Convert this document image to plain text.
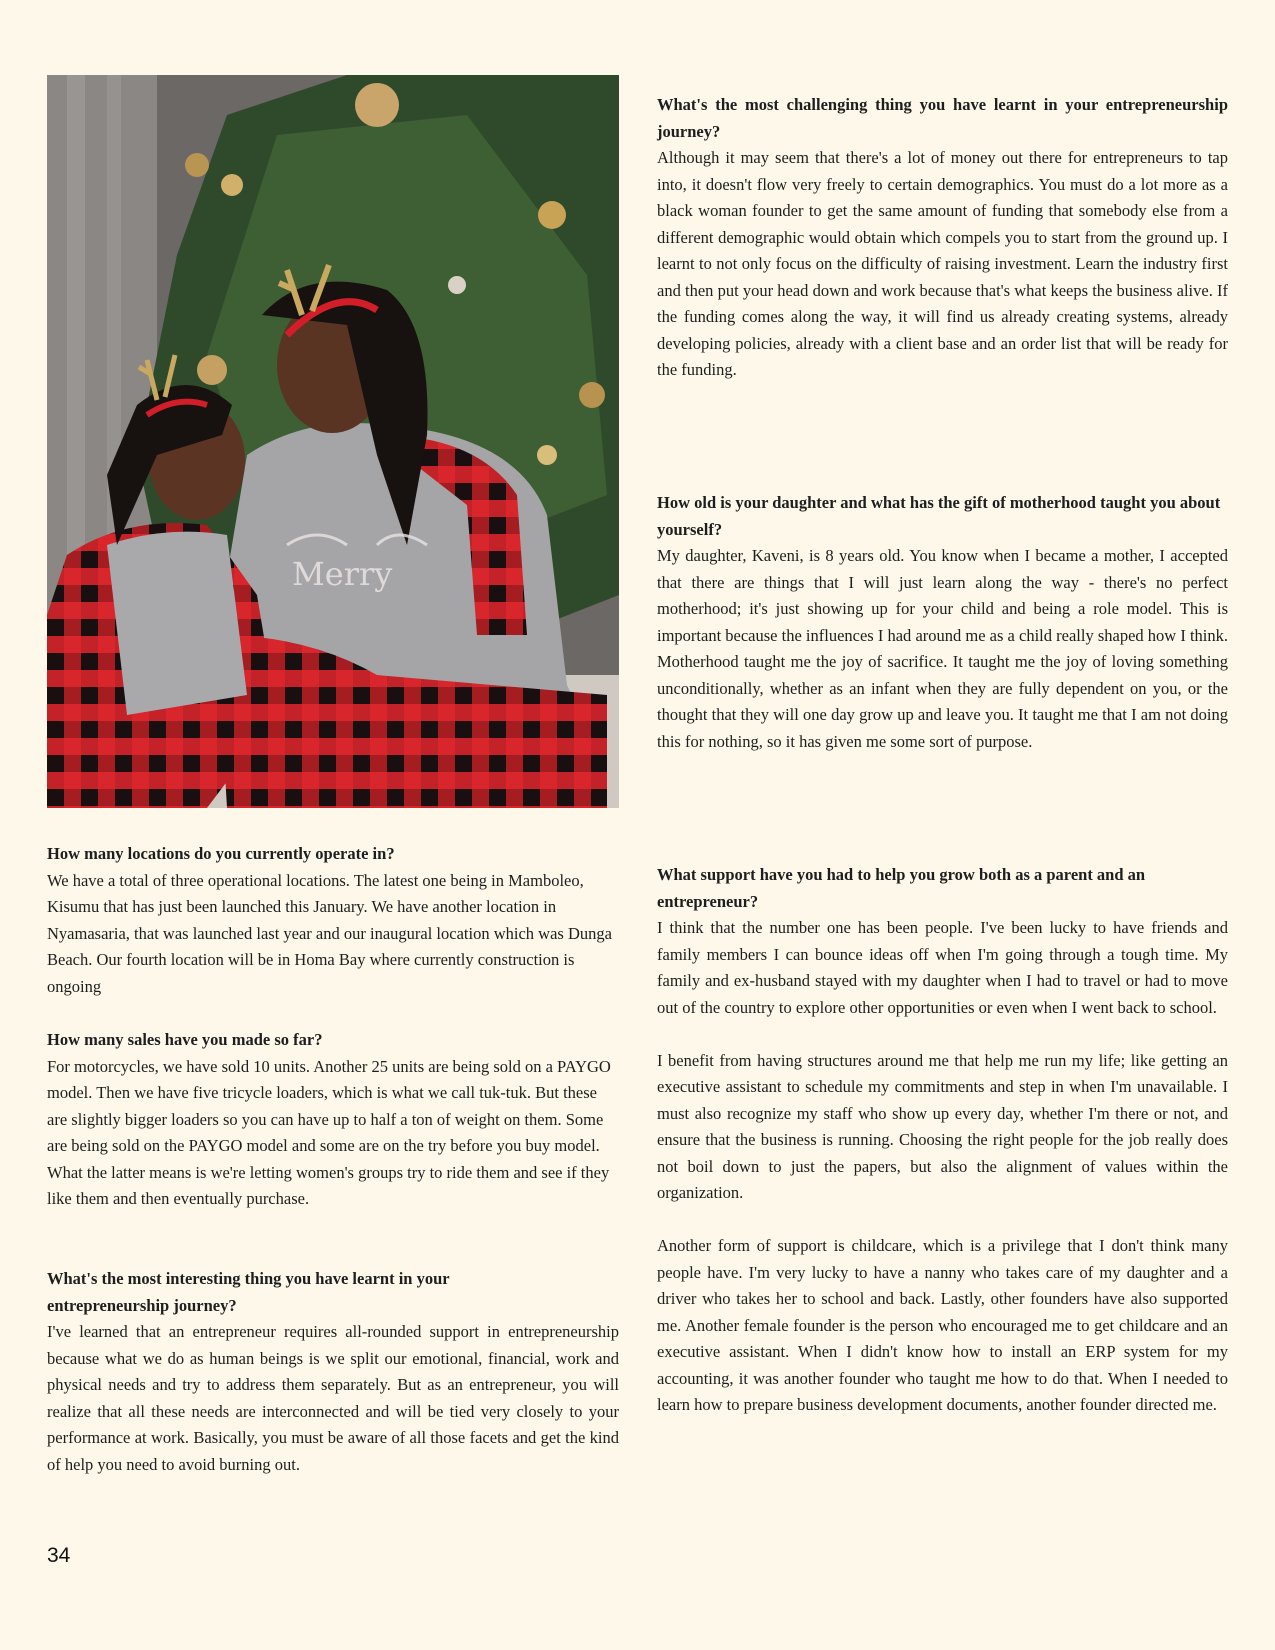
Merry

What's the most challenging thing you have learnt in your entrepreneurship journey?

Although it may seem that there's a lot of money out there for entrepreneurs to tap into, it doesn't flow very freely to certain demographics. You must do a lot more as a black woman founder to get the same amount of funding that somebody else from a different demographic would obtain which compels you to start from the ground up. I learnt to not only focus on the difficulty of raising investment. Learn the industry first and then put your head down and work because that's what keeps the business alive. If the funding comes along the way, it will find us already creating systems, already developing policies, already with a client base and an order list that will be ready for the funding.

How old is your daughter and what has the gift of motherhood taught you about yourself?

My daughter, Kaveni, is 8 years old. You know when I became a mother, I accepted that there are things that I will just learn along the way - there's no perfect motherhood; it's just showing up for your child and being a role model. This is important because the influences I had around me as a child really shaped how I think. Motherhood taught me the joy of sacrifice. It taught me the joy of loving something unconditionally, whether as an infant when they are fully dependent on you, or the thought that they will one day grow up and leave you. It taught me that I am not doing this for nothing, so it has given me some sort of purpose.

What support have you had to help you grow both as a parent and an entrepreneur?

I think that the number one has been people. I've been lucky to have friends and family members I can bounce ideas off when I'm going through a tough time. My family and ex-husband stayed with my daughter when I had to travel or had to move out of the country to explore other opportunities or even when I went back to school.

I benefit from having structures around me that help me run my life; like getting an executive assistant to schedule my commitments and step in when I'm unavailable. I must also recognize my staff who show up every day, whether I'm there or not, and ensure that the business is running. Choosing the right people for the job really does not boil down to just the papers, but also the alignment of values within the organization.

Another form of support is childcare, which is a privilege that I don't think many people have. I'm very lucky to have a nanny who takes care of my daughter and a driver who takes her to school and back. Lastly, other founders have also supported me. Another female founder is the person who encouraged me to get childcare and an executive assistant. When I didn't know how to install an ERP system for my accounting, it was another founder who taught me how to do that. When I needed to learn how to prepare business development documents, another founder directed me.

How many locations do you currently operate in?

We have a total of three operational locations. The latest one being in Mamboleo, Kisumu that has just been launched this January. We have another location in Nyamasaria, that was launched last year and our inaugural location which was Dunga Beach. Our fourth location will be in Homa Bay where currently construction is ongoing

How many sales have you made so far?

For motorcycles, we have sold 10 units. Another 25 units are being sold on a PAYGO model. Then we have five tricycle loaders, which is what we call tuk-tuk. But these are slightly bigger loaders so you can have up to half a ton of weight on them. Some are being sold on the PAYGO model and some are on the try before you buy model. What the latter means is we're letting women's groups try to ride them and see if they like them and then eventually purchase.

What's the most interesting thing you have learnt in your entrepreneurship journey?

I've learned that an entrepreneur requires all-rounded support in entrepreneurship because what we do as human beings is we split our emotional, financial, work and physical needs and try to address them separately. But as an entrepreneur, you will realize that all these needs are interconnected and will be tied very closely to your performance at work. Basically, you must be aware of all those facets and get the kind of help you need to avoid burning out.

34
